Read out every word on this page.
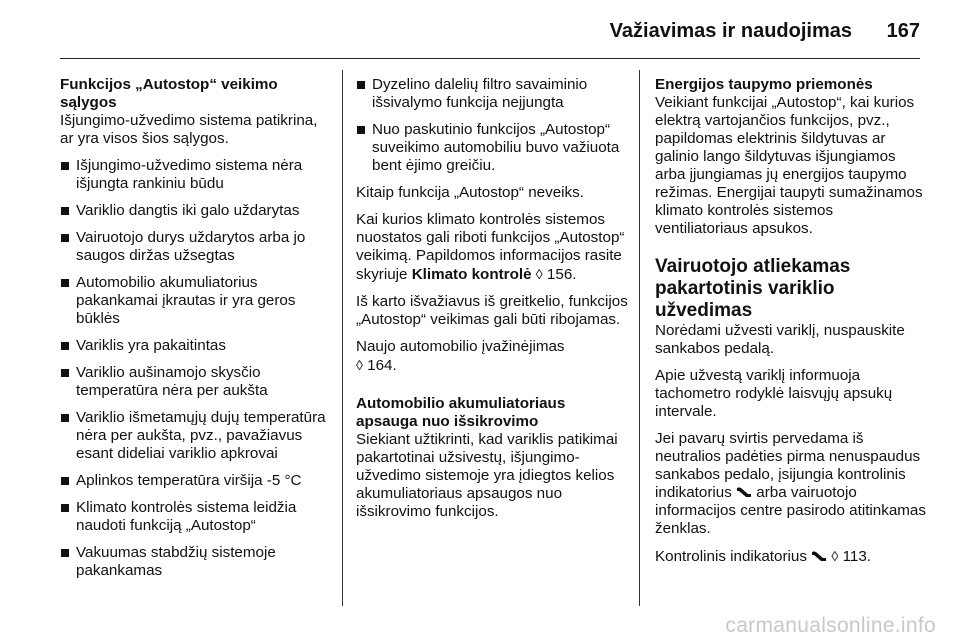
Važiavimas ir naudojimas 167

Funkcijos „Autostop“ veikimo sąlygos

Išjungimo-užvedimo sistema patikrina, ar yra visos šios sąlygos.

Išjungimo-užvedimo sistema nėra išjungta rankiniu būdu
Variklio dangtis iki galo uždarytas
Vairuotojo durys uždarytos arba jo saugos diržas užsegtas
Automobilio akumuliatorius pakankamai įkrautas ir yra geros būklės
Variklis yra pakaitintas
Variklio aušinamojo skysčio temperatūra nėra per aukšta
Variklio išmetamųjų dujų temperatūra nėra per aukšta, pvz., pavažiavus esant dideliai variklio apkrovai
Aplinkos temperatūra viršija -5 °C
Klimato kontrolės sistema leidžia naudoti funkciją „Autostop“
Vakuumas stabdžių sistemoje pakankamas
Dyzelino dalelių filtro savaiminio išsivalymo funkcija neįjungta
Nuo paskutinio funkcijos „Autostop“ suveikimo automobiliu buvo važiuota bent ėjimo greičiu.

Kitaip funkcija „Autostop“ neveiks.

Kai kurios klimato kontrolės sistemos nuostatos gali riboti funkcijos „Autostop“ veikimą. Papildomos informacijos rasite skyriuje Klimato kontrolė ◊ 156.

Iš karto išvažiavus iš greitkelio, funkcijos „Autostop“ veikimas gali būti ribojamas.

Naujo automobilio įvažinėjimas
◊ 164.

Automobilio akumuliatoriaus apsauga nuo išsikrovimo

Siekiant užtikrinti, kad variklis patikimai pakartotinai užsivestų, išjungimo-užvedimo sistemoje yra įdiegtos kelios akumuliatoriaus apsaugos nuo išsikrovimo funkcijos.

Energijos taupymo priemonės

Veikiant funkcijai „Autostop“, kai kurios elektrą vartojančios funkcijos, pvz., papildomas elektrinis šildytuvas ar galinio lango šildytuvas išjungiamos arba įjungiamas jų energijos taupymo režimas. Energijai taupyti sumažinamos klimato kontrolės sistemos ventiliatoriaus apsukos.

Vairuotojo atliekamas pakartotinis variklio užvedimas

Norėdami užvesti variklį, nuspauskite sankabos pedalą.

Apie užvestą variklį informuoja tachometro rodyklė laisvųjų apsukų intervale.

Jei pavarų svirtis pervedama iš neutralios padėties pirma nenuspaudus sankabos pedalo, įsijungia kontrolinis indikatorius arba vairuotojo informacijos centre pasirodo atitinkamas ženklas.

Kontrolinis indikatorius ◊ 113.

carmanualsonline.info
